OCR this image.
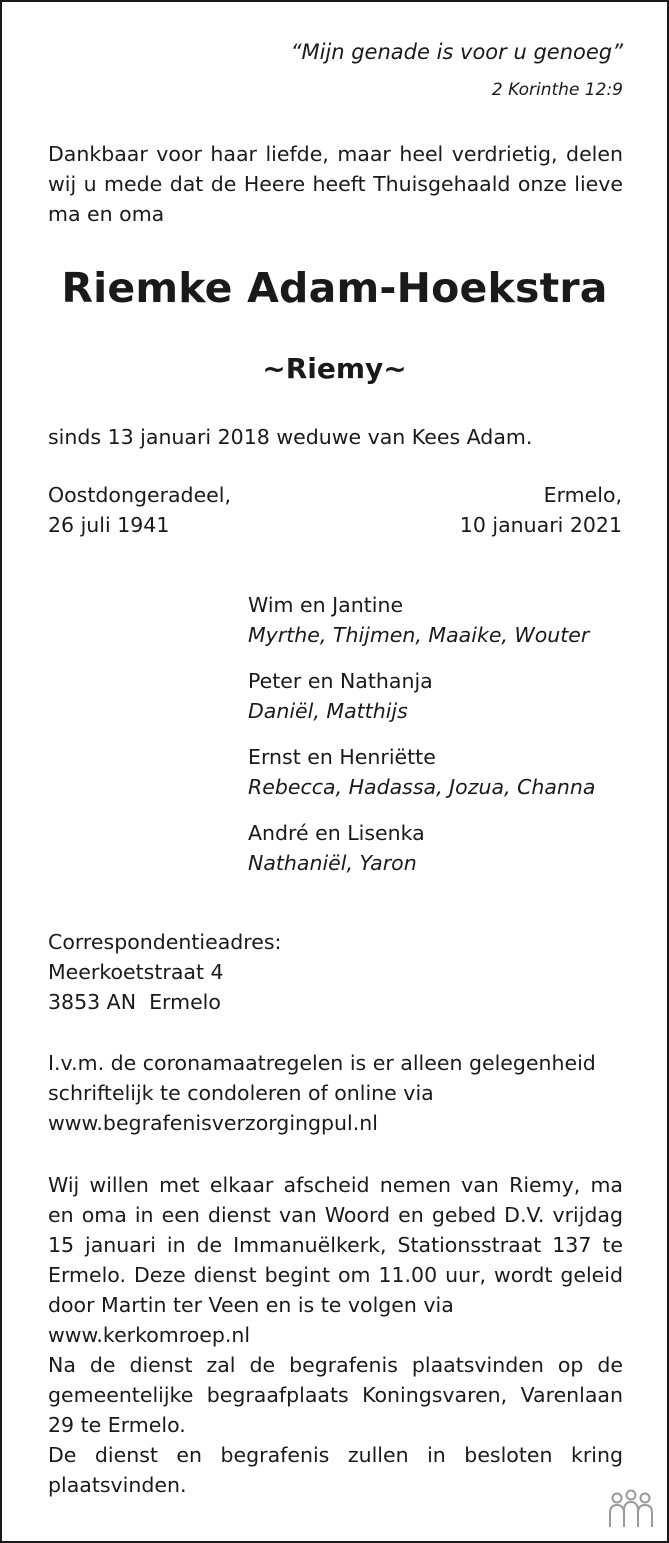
“Mijn genade is voor u genoeg”
2 Korinthe 12:9
Dankbaar voor haar liefde, maar heel verdrietig, delen wij u mede dat de Heere heeft Thuisgehaald onze lieve ma en oma
Riemke Adam-Hoekstra
~Riemy~
sinds 13 januari 2018 weduwe van Kees Adam.
Oostdongeradeel,
26 juli 1941
Ermelo,
10 januari 2021
Wim en Jantine
Myrthe, Thijmen, Maaike, Wouter
Peter en Nathanja
Daniël, Matthijs
Ernst en Henriëtte
Rebecca, Hadassa, Jozua, Channa
André en Lisenka
Nathaniël, Yaron
Correspondentieadres:
Meerkoetstraat 4
3853 AN  Ermelo
I.v.m. de coronamaatregelen is er alleen gelegenheid
schriftelijk te condoleren of online via
www.begrafenisverzorgingpul.nl
Wij willen met elkaar afscheid nemen van Riemy, ma en oma in een dienst van Woord en gebed D.V. vrijdag 15 januari in de Immanuëlkerk, Stationsstraat 137 te Ermelo. Deze dienst begint om 11.00 uur, wordt geleid door Martin ter Veen en is te volgen via
www.kerkomroep.nl
Na de dienst zal de begrafenis plaatsvinden op de gemeentelijke begraafplaats Koningsvaren, Varenlaan 29 te Ermelo.
De dienst en begrafenis zullen in besloten kring plaatsvinden.
